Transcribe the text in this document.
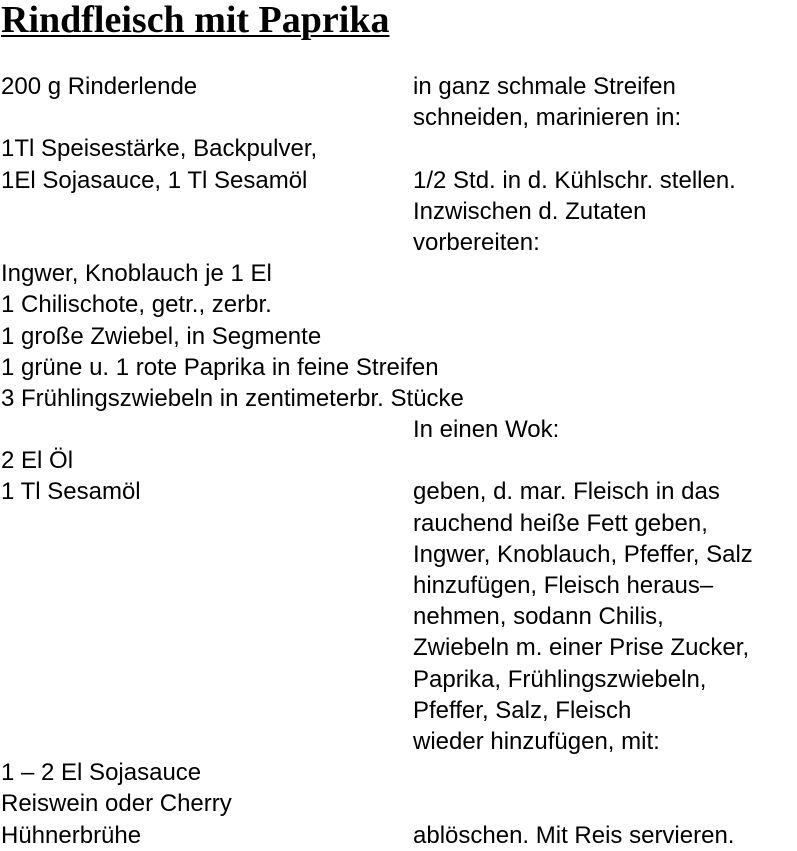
Rindfleisch mit Paprika
200 g Rinderlende	in ganz schmale Streifen
schneiden, marinieren in:
1Tl Speisestärke, Backpulver,
1El Sojasauce, 1 Tl Sesamöl	1/2 Std. in d. Kühlschr. stellen.
Inzwischen d. Zutaten
vorbereiten:
Ingwer, Knoblauch je 1 El
1 Chilischote, getr., zerbr.
1 große Zwiebel, in Segmente
1 grüne u. 1 rote Paprika in feine Streifen
3 Frühlingszwiebeln in zentimeterbr. Stücke
In einen Wok:
2 El Öl
1 Tl Sesamöl	geben, d. mar. Fleisch in das
rauchend heiße Fett geben,
Ingwer, Knoblauch, Pfeffer, Salz
hinzufügen, Fleisch heraus–
nehmen, sodann Chilis,
Zwiebeln m. einer Prise Zucker,
Paprika, Frühlingszwiebeln,
Pfeffer, Salz, Fleisch
wieder hinzufügen, mit:
1 – 2 El Sojasauce
Reiswein oder Cherry
Hühnerbrühe	ablöschen. Mit Reis servieren.
